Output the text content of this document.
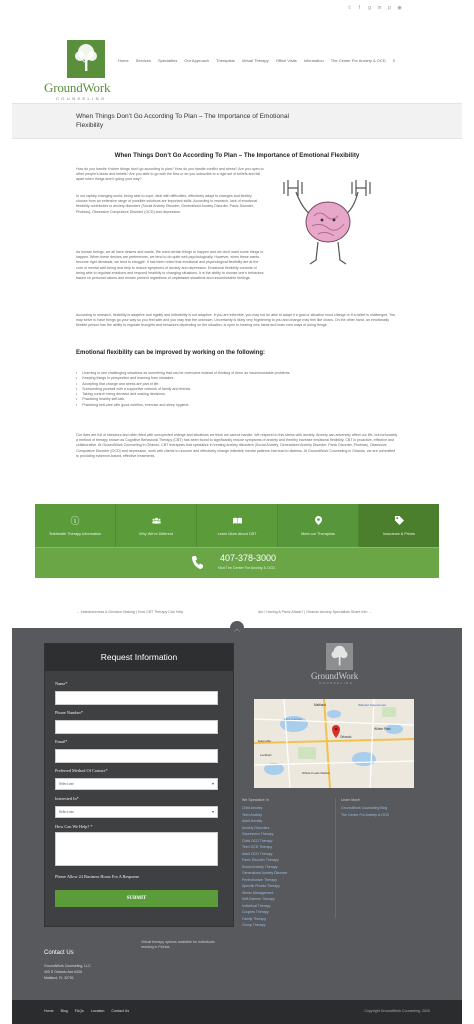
𝕥	f	g in p ◉
GroundWork
COUNSELING
Home Services Specialties Our Approach Therapists Virtual Therapy Office Visits Information The Center For Anxiety & OCD ⌕
When Things Don’t Go According To Plan – The Importance of Emotional Flexibility
When Things Don’t Go According To Plan – The Importance of Emotional Flexibility

How do you handle it when things don’t go according to plan? How do you handle conflict and stress? Are you open to other people’s ideas and beliefs? Are you able to go with the flow or do you subscribe to a rigid set of beliefs and fall apart when things aren’t going your way?

In our rapidly changing world, being able to cope, deal with difficulties, effectively adapt to changes and flexibly choose from an extensive range of possible solutions are important skills. According to research, lack of emotional flexibility contributes to anxiety disorders (Social Anxiety Disorder, Generalized Anxiety Disorder, Panic Disorder, Phobias), Obsessive Compulsive Disorder (OCD) and depression.

As human beings, we all have desires and wants. We want certain things to happen and we don’t want some things to happen. When these desires are preferences, we tend to do quite well psychologically. However, when these wants become rigid demands, we tend to struggle. It has been noted that emotional and psychological flexibility are at the core of mental well-being and help to reduce symptoms of anxiety and depression. Emotional flexibility consists of being able to regulate emotions and respond healthily to changing situations. It is the ability to choose one’s behaviors based on personal values and remain present regardless of unpleasant situations and uncomfortable feelings.

According to research, flexibility is adaptive and rigidity and inflexibility is not adaptive. If you are inflexible, you may not be able to adapt if a goal or situation must change or if a belief is challenged. You may strive to have things go your way so you feel safe and you may fear the unknown. Uncertainty is likely very frightening to you and change may feel like chaos. On the other hand, an emotionally flexible person has the ability to regulate thoughts and behaviors depending on the situation, is open to hearing new ideas and learn new ways of doing things.

Emotional flexibility can be improved by working on the following:
• Learning to see challenging situations as something that can be overcome instead of thinking of them as insurmountable problems.
• Keeping things in perspective and learning from mistakes.
• Accepting that change and stress are part of life.
• Surrounding yourself with a supportive network of family and friends.
• Taking control: being decisive and making decisions.
• Practicing healthy self-talk.
• Practicing self-care with good nutrition, exercise and sleep hygiene.

Our lives are full of stressors and often filled with unexpected change and situations we think we cannot handle. We respond to this stress with anxiety. Anxiety can adversely affect our life, but fortunately a method of therapy known as Cognitive Behavioral Therapy (CBT) has been found to significantly reduce symptoms of anxiety and thereby increase emotional flexibility. CBT is proactive, effective and collaborative. At GroundWork Counseling in Orlando, CBT therapists that specialize in treating anxiety disorders (Social Anxiety, Generalized Anxiety Disorder, Panic Disorder, Phobias), Obsessive Compulsive Disorder (OCD) and depression, work with clients to uncover and effectively change inflexible mental patterns that lead to distress. At GroundWork Counseling in Orlando, we are committed to providing evidence-based, effective treatments.

ⓘ
Telehealth Therapy Information	Why We’re Different	Learn More About CBT	Meet our Therapists	Insurance & Prices
407-378-3000
Visit The Center For Anxiety & OCD
← Indecisiveness & Decision Making | How CBT Therapy Can Help	Am I Having A Panic Attack? | Orlando Anxiety Specialists Share Info →
︿
Request Information
Name*
Phone Number*
Email*
Preferred Method Of Contact*
Select one ▾
Interested In*
Select one ▾
How Can We Help? *
Please Allow 24 Business Hours For A Response
SUBMIT
GroundWork
COUNSELING
Walmart Supercenter
Orlando
Lake Ivanhoe
Winter Park
Maitland
Eatonville
Lockhart
Whole Foods Market
We Specialize In
Child Anxiety
Teen Anxiety
Adult Anxiety
Anxiety Disorders
Depression Therapy
Child OCD Therapy
Teen OCD Therapy
Adult OCD Therapy
Panic Disorder Therapy
Social Anxiety Therapy
Generalized Anxiety Disorder
Perfectionism Therapy
Specific Phobia Therapy
Stress Management
Self-Esteem Therapy
Individual Therapy
Couples Therapy
Family Therapy
Group Therapy
Learn More!
GroundWork Counseling Blog
The Center For Anxiety & OCD
Virtual therapy options available for individuals residing in Florida.
Contact Us
GroundWork Counseling, LLC
400 S Orlando Ave #206
Maitland, FL 32751
Home Blog FAQs Location Contact Us	Copyright GroundWork Counseling, 2020
